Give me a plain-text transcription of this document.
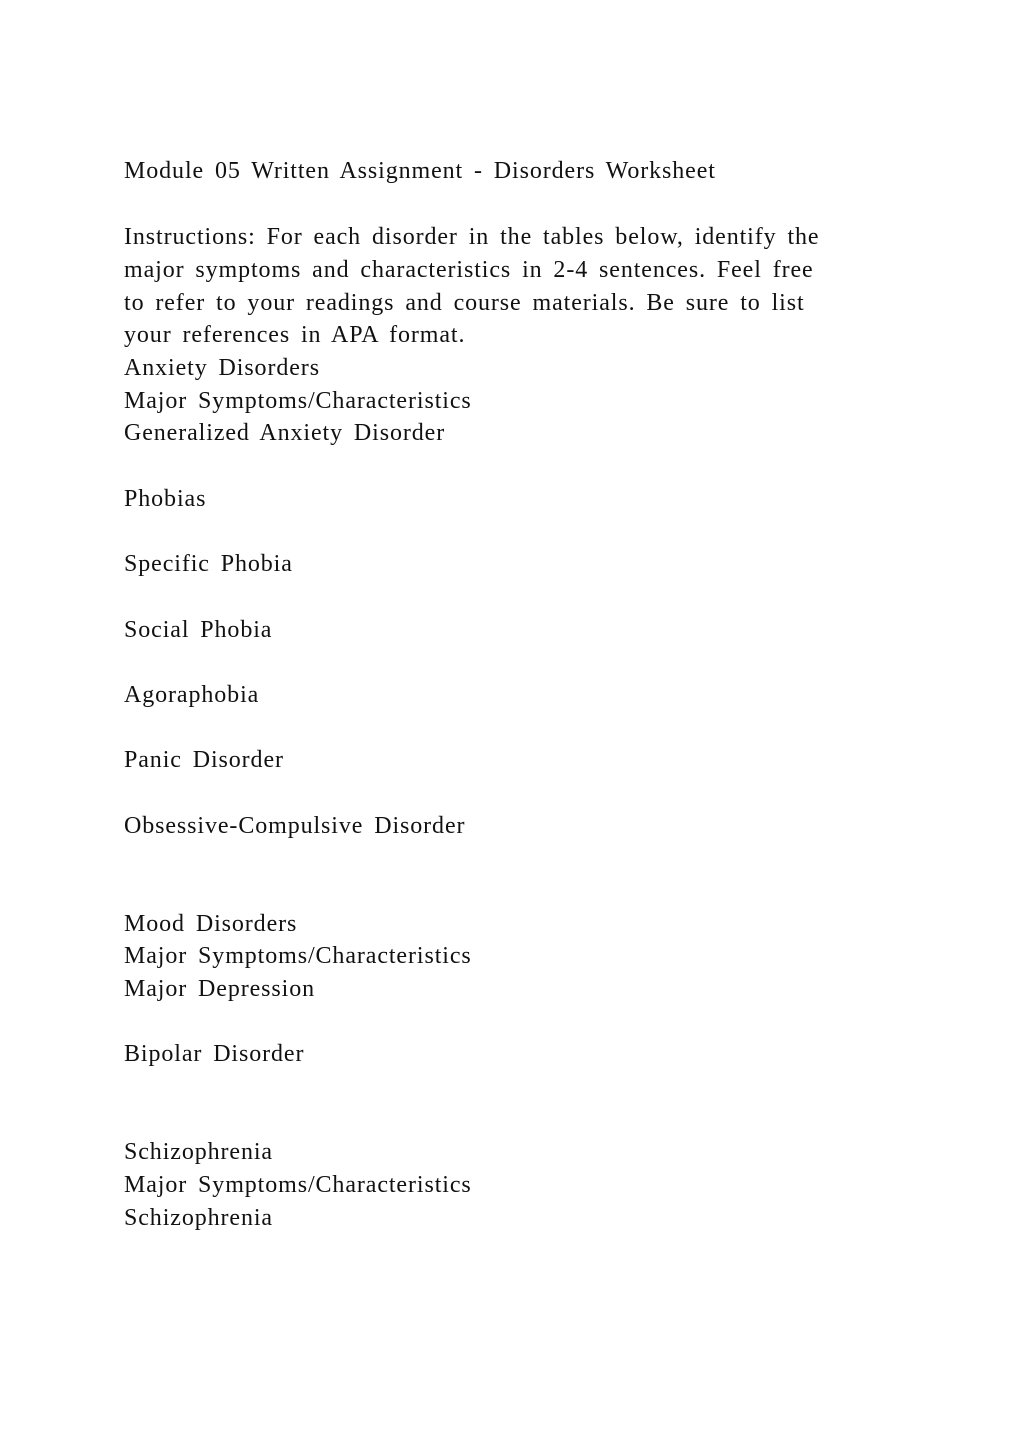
Module 05 Written Assignment - Disorders Worksheet
Instructions: For each disorder in the tables below, identify the
major symptoms and characteristics in 2-4 sentences. Feel free
to refer to your readings and course materials. Be sure to list
your references in APA format.
Anxiety Disorders
Major Symptoms/Characteristics
Generalized Anxiety Disorder
Phobias
Specific Phobia
Social Phobia
Agoraphobia
Panic Disorder
Obsessive-Compulsive Disorder
Mood Disorders
Major Symptoms/Characteristics
Major Depression
Bipolar Disorder
Schizophrenia
Major Symptoms/Characteristics
Schizophrenia
